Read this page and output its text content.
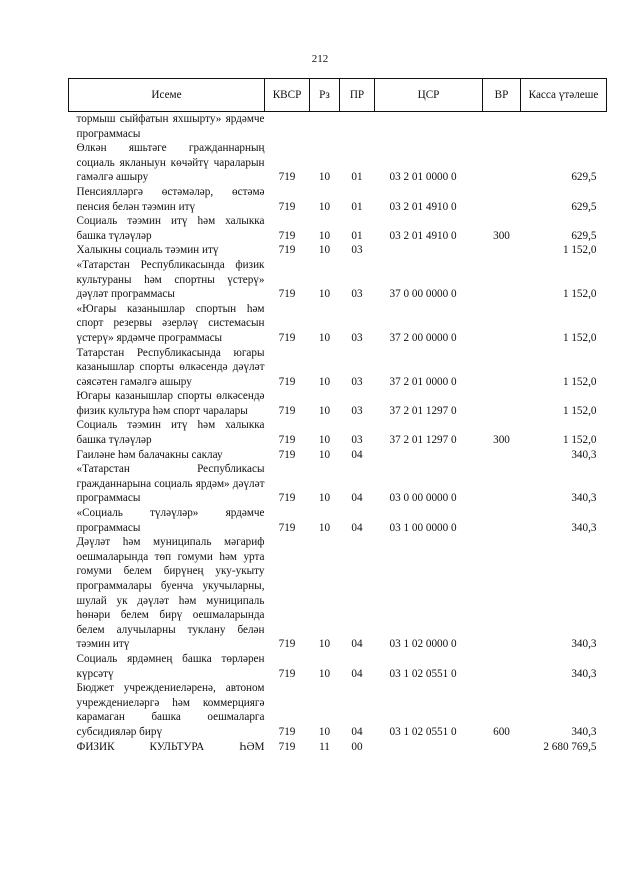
212
Исеме	КВСР	Рз	ПР	ЦСР	ВР	Касса үтәлеше
тормыш сыйфатын яхшырту» ярдәмче программасы						
Өлкән яшьтәге гражданнарның социаль якланыун көчәйтү чараларын гамәлгә ашыру	719	10	01	03 2 01 0000 0		629,5
Пенсиялләргә өстәмәләр, өстәмә пенсия белән тәэмин итү	719	10	01	03 2 01 4910 0		629,5
Социаль тәэмин итү һәм халыкка башка түләүләр	719	10	01	03 2 01 4910 0	300	629,5
Халыкны социаль тәэмин итү	719	10	03			1 152,0
«Татарстан Республикасында физик культураны һәм спортны үстерү» дәүләт программасы	719	10	03	37 0 00 0000 0		1 152,0
«Югары казанышлар спортын һәм спорт резервы әзерләү системасын үстерү» ярдәмче программасы	719	10	03	37 2 00 0000 0		1 152,0
Татарстан Республикасында югары казанышлар спорты өлкәсендә дәүләт сәясәтен гамәлгә ашыру	719	10	03	37 2 01 0000 0		1 152,0
Югары казанышлар спорты өлкәсендә физик культура һәм спорт чаралары	719	10	03	37 2 01 1297 0		1 152,0
Социаль тәэмин итү һәм халыкка башка түләүләр	719	10	03	37 2 01 1297 0	300	1 152,0
Гаиләне һәм балачакны саклау	719	10	04			340,3
«Татарстан Республикасы гражданнарына социаль ярдәм» дәүләт программасы	719	10	04	03 0 00 0000 0		340,3
«Социаль түләүләр» ярдәмче программасы	719	10	04	03 1 00 0000 0		340,3
Дәүләт һәм муниципаль мәгариф оешмаларында төп гомуми һәм урта гомуми белем бирүнең уку-укыту программалары буенча укучыларны, шулай ук дәүләт һәм муниципаль һөнәри белем бирү оешмаларында белем алучыларны туклану белән тәэмин итү	719	10	04	03 1 02 0000 0		340,3
Социаль ярдәмнең башка төрләрен күрсәтү	719	10	04	03 1 02 0551 0		340,3
Бюджет учреждениеләренә, автоном учреждениеләргә һәм коммерциягә карамаган башка оешмаларга субсидияләр бирү	719	10	04	03 1 02 0551 0	600	340,3
ФИЗИК КУЛЬТУРА ҺӘМ	719	11	00			2 680 769,5
